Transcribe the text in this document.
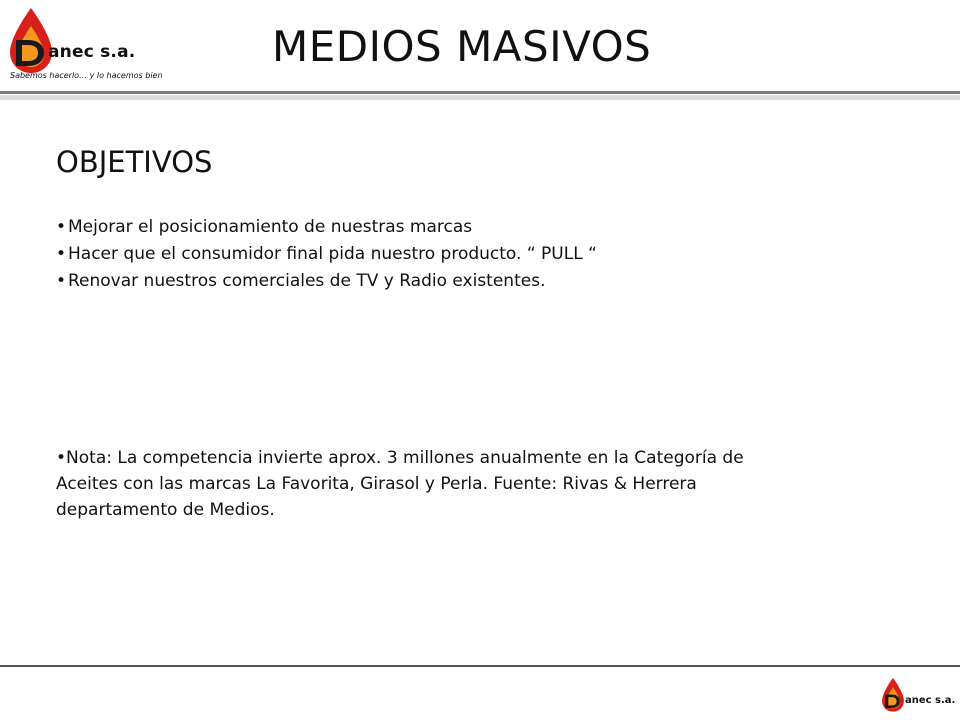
anec s.a.
Sabemos hacerlo… y lo hacemos bien
MEDIOS MASIVOS
OBJETIVOS
• Mejorar el posicionamiento de nuestras marcas
• Hacer que el consumidor final pida nuestro producto. “ PULL “
• Renovar nuestros comerciales de TV y Radio existentes.
•Nota: La competencia invierte aprox. 3 millones anualmente en la Categoría de Aceites con las marcas La Favorita, Girasol y Perla. Fuente: Rivas & Herrera departamento de Medios.
anec s.a.
